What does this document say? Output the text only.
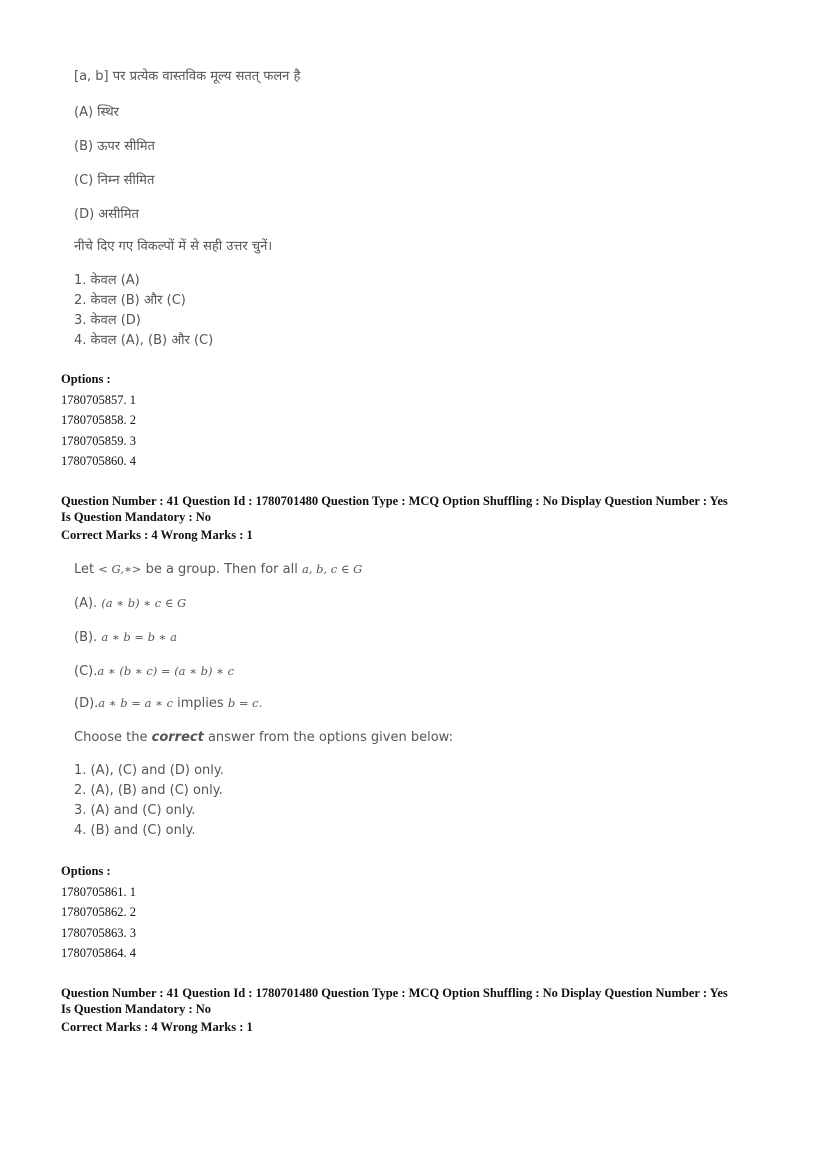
[a, b] पर प्रत्येक वास्तविक मूल्य सतत् फलन है

(A) स्थिर

(B) ऊपर सीमित

(C) निम्न सीमित

(D) असीमित

नीचे दिए गए विकल्पों में से सही उत्तर चुनें।

1. केवल (A)

2. केवल (B) और (C)

3. केवल (D)

4. केवल (A), (B) और (C)

Options :
1780705857. 1
1780705858. 2
1780705859. 3
1780705860. 4
Question Number : 41 Question Id : 1780701480 Question Type : MCQ Option Shuffling : No Display Question Number : Yes
Is Question Mandatory : No
Correct Marks : 4 Wrong Marks : 1

Let < G,∗> be a group. Then for all a, b, c ∈ G

(A). (a ∗ b) ∗ c ∈ G

(B). a ∗ b = b ∗ a

(C).a ∗ (b ∗ c) = (a ∗ b) ∗ c

(D).a ∗ b = a ∗ c implies b = c.

Choose the correct answer from the options given below:

1. (A), (C) and (D) only.

2. (A), (B) and (C) only.

3. (A) and (C) only.

4. (B) and (C) only.

Options :
1780705861. 1
1780705862. 2
1780705863. 3
1780705864. 4
Question Number : 41 Question Id : 1780701480 Question Type : MCQ Option Shuffling : No Display Question Number : Yes
Is Question Mandatory : No
Correct Marks : 4 Wrong Marks : 1
